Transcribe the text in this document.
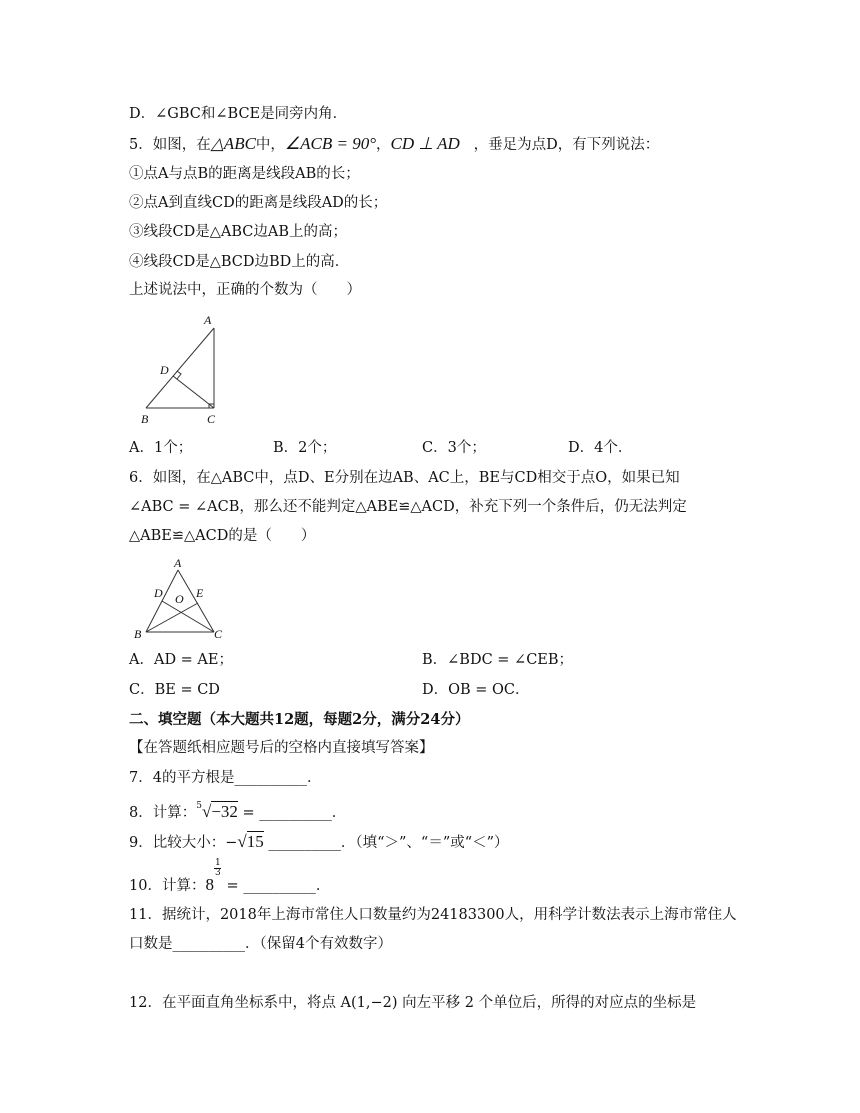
D．∠GBC和∠BCE是同旁内角．
5．如图，在△ABC中，∠ACB = 90°，CD ⊥ AD ，垂足为点D，有下列说法：
①点A与点B的距离是线段AB的长；
②点A到直线CD的距离是线段AD的长；
③线段CD是△ABC边AB上的高；
④线段CD是△BCD边BD上的高．
上述说法中，正确的个数为（　　）
A
D
B	C
A．1个；	B．2个；	C．3个；	D．4个．
6．如图，在△ABC中，点D、E分别在边AB、AC上，BE与CD相交于点O，如果已知
∠ABC = ∠ACB，那么还不能判定△ABE≌△ACD，补充下列一个条件后，仍无法判定
△ABE≌△ACD的是（　　）
A
D	E
O
B	C
A．AD = AE；	B．∠BDC = ∠CEB；
C．BE = CD	D．OB = OC．
二、填空题（本大题共12题，每题2分，满分24分）
【在答题纸相应题号后的空格内直接填写答案】
7．4的平方根是__________．
8．计算：$^5$√−32 = __________．
9．比较大小：−√15 __________．（填“＞”、“＝”或“＜”）
10．计算：$8 \frac{1}{3}$ = __________．
11．据统计，2018年上海市常住人口数量约为24183300人，用科学计数法表示上海市常住人
口数是__________．（保留4个有效数字）
12．在平面直角坐标系中，将点 A(1,−2) 向左平移 2 个单位后，所得的对应点的坐标是
